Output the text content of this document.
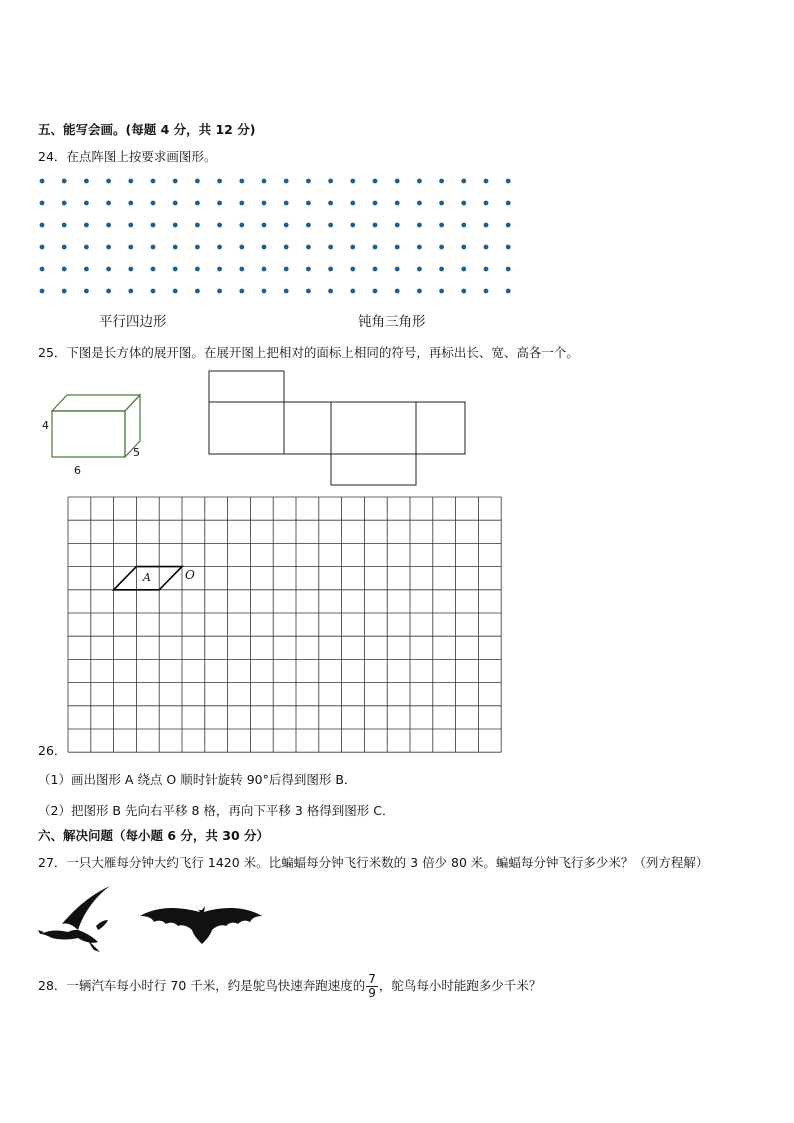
五、能写会画。(每题 4 分，共 12 分)
24．在点阵图上按要求画图形。
平行四边形	钝角三角形
25．下图是长方体的展开图。在展开图上把相对的面标上相同的符号，再标出长、宽、高各一个。
4
6
5
A	O
26．
（1）画出图形 A 绕点 O 顺时针旋转 90°后得到图形 B．
（2）把图形 B 先向右平移 8 格，再向下平移 3 格得到图形 C．
六、解决问题（每小题 6 分，共 30 分）
27．一只大雁每分钟大约飞行 1420 米。比蝙蝠每分钟飞行米数的 3 倍少 80 米。蝙蝠每分钟飞行多少米？（列方程解）
28．一辆汽车每小时行 70 千米，约是鸵鸟快速奔跑速度的 $\frac{7}{9}$ ，鸵鸟每小时能跑多少千米？
